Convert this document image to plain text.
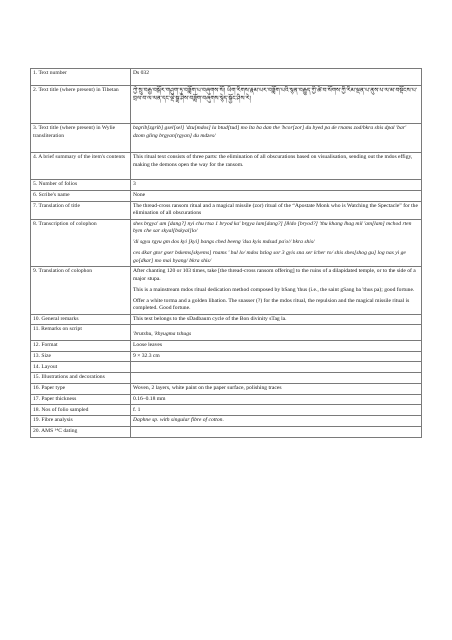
1. Text number	Ds 032
2. Text title (where present) in Tibetan	ཀྱེ་སྲུ་བརྒྱ་བསྐོར་གཤུག་ཏུ་བཟློག་པ་བཞུགས་སོ། ཡིག་རིགས་རྣམ་པར་བཟློག་པའི་སྙན་བརྒྱུད་ཀྱི་ཚེ་བ་སོགས་ཀྱི་རིམ་ལྡན་པ་ནུས་པ་ལ་མ་བསྡོངས་པ་བྲལ་བ་ལ་ལན་དང་ལྡེ་སྒྲ་ཤིས་བཟློག་བཞུགས་སྙེད་སྐྱོང་ཤིས་རེ།
3. Text title (where present) in Wylie transliteration	bzgrib[zgrib] gsel[sel] 'dzu[mdos] la btud[tud] mo lta ba dan the 'bcor[zor] du byed pa de rnams zod/bkra shis dpal 'bar' dzom gling brgyan[rgyan] du mdzes/
4. A brief summary of the item's contents	This ritual text consists of three parts: the elimination of all obscurations based on visualisation, sending out the mdos effigy, making the demons open the way for the ransom.
5. Number of folios	3
6. Scribe's name	None
7. Translation of title	The thread-cross ransom ritual and a magical missile (zor) ritual of the “Apostate Monk who is Watching the Spectacle” for the elimination of all obscurations
8. Transcription of colophon	shes brgya' am [dang?] nyi chu rtsa 1 bryod ka' brgya lam[dang?] [8/do [bryod?] 'thu khang lhag mil 'am[lam] mchod rten bym che sar skyal[bskyal]lo/

'di sgyu rgyu gm dos kyi [kyi] bangs ched beeng 'dsa kyis mdsad pa'o// bkra shis/

ces dkar gtor gser bskems[skyems] rnams ' bul lo/ mdos bzlog sor 3 gyis sna ser lcher ro/ shis shes[shog gu] log nas yi ge go[dkar] mo mai byang/ bkra shis/

9. Translation of colophon	After chanting 120 or 103 times, take [the thread-cross ransom offering] to the ruins of a dilapidated temple, or to the side of a major stupa.

This is a mainstream mdos ritual dedication method composed by bSang 'thus (i.e., the saint gSang ba 'thus pa); good fortune.

Offer a white torma and a golden libation. The snasser (?) for the mdos ritual, the repulsion and the magical missile ritual is completed. Good fortune.

10. General remarks	This text belongs to the sDadbaum cycle of the Bon divinity sTag la.
11. Remarks on script	'brutshu, 'khyugma tshugs
12. Format	Loose leaves
13. Size	9 × 32.3 cm
14. Layout	
15. Illustrations and decorations	
16. Paper type	Woven, 2 layers, white paint on the paper surface, polishing traces
17. Paper thickness	0.16–0.18 mm
18. Nos of folio sampled	f. 1
19. Fibre analysis	Daphne sp. with singular fibre of cotton.
20. AMS ¹⁴C dating	
